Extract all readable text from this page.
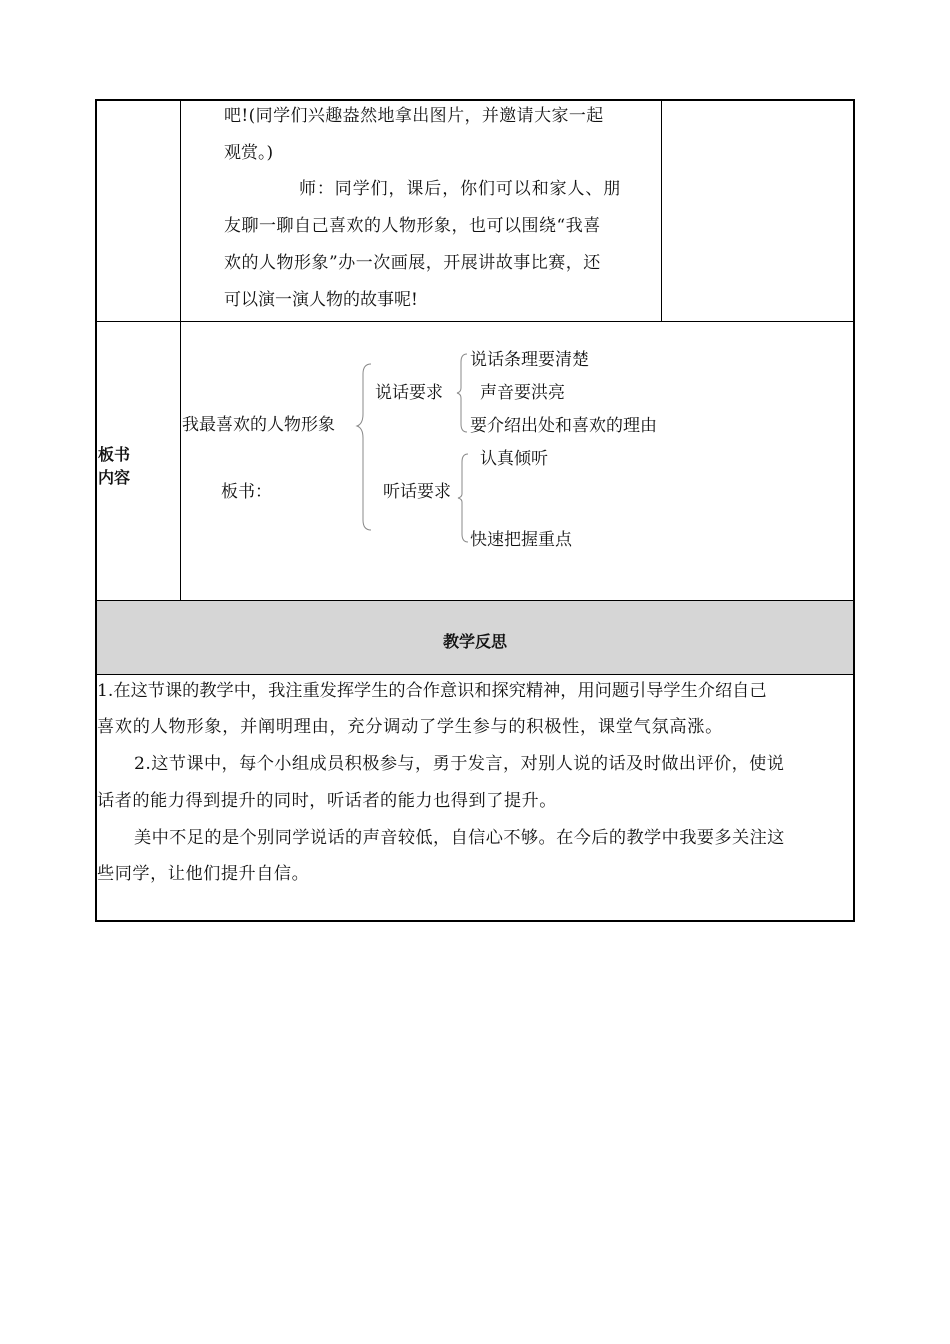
吧!(同学们兴趣盎然地拿出图片，并邀请大家一起
观赏。)
师：同学们，课后，你们可以和家人、朋
友聊一聊自己喜欢的人物形象，也可以围绕“我喜
欢的人物形象”办一次画展，开展讲故事比赛，还
可以演一演人物的故事呢!
板书
内容
我最喜欢的人物形象
板书：
说话要求
听话要求
说话条理要清楚
声音要洪亮
要介绍出处和喜欢的理由
认真倾听
快速把握重点
教学反思
1.在这节课的教学中，我注重发挥学生的合作意识和探究精神，用问题引导学生介绍自己
喜欢的人物形象，并阐明理由，充分调动了学生参与的积极性，课堂气氛高涨。
2.这节课中，每个小组成员积极参与，勇于发言，对别人说的话及时做出评价，使说
话者的能力得到提升的同时，听话者的能力也得到了提升。
美中不足的是个别同学说话的声音较低，自信心不够。在今后的教学中我要多关注这
些同学，让他们提升自信。
